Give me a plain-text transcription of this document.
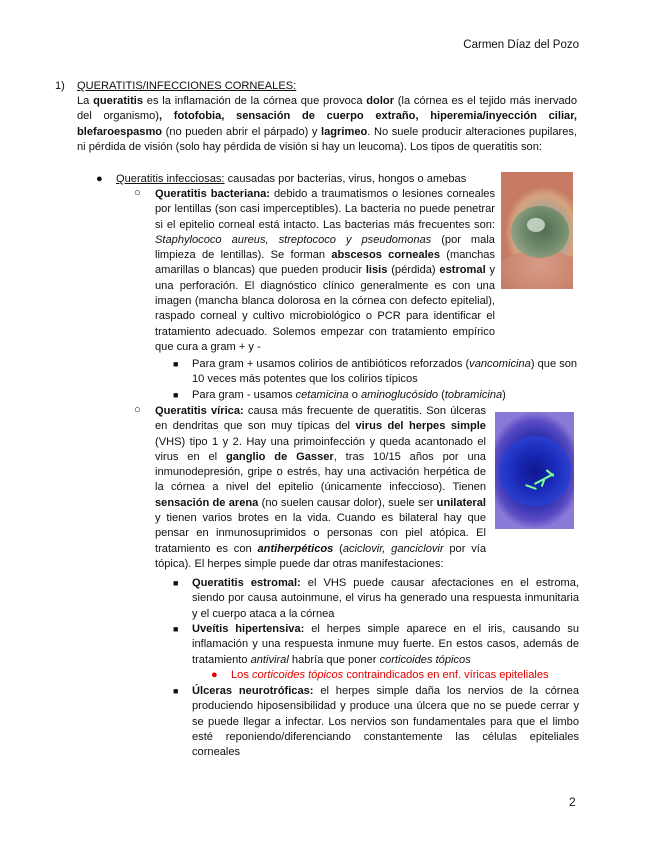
Carmen Díaz del Pozo
1) QUERATITIS/INFECCIONES CORNEALES:
La queratitis es la inflamación de la córnea que provoca dolor (la córnea es el tejido más inervado del organismo), fotofobia, sensación de cuerpo extraño, hiperemia/inyección ciliar, blefaroespasmo (no pueden abrir el párpado) y lagrimeo. No suele producir alteraciones pupilares, ni pérdida de visión (solo hay pérdida de visión si hay un leucoma). Los tipos de queratitis son:
● Queratitis infecciosas: causadas por bacterias, virus, hongos o amebas
○ Queratitis bacteriana: debido a traumatismos o lesiones corneales por lentillas (son casi imperceptibles). La bacteria no puede penetrar si el epitelio corneal está intacto. Las bacterias más frecuentes son: Staphylococo aureus, streptococo y pseudomonas (por mala limpieza de lentillas). Se forman abscesos corneales (manchas amarillas o blancas) que pueden producir lisis (pérdida) estromal y una perforación. El diagnóstico clínico generalmente es con una imagen (mancha blanca dolorosa en la córnea con defecto epitelial), raspado corneal y cultivo microbiológico o PCR para identificar el tratamiento adecuado. Solemos empezar con tratamiento empírico que cura a gram + y -
■ Para gram + usamos colirios de antibióticos reforzados (vancomicina) que son 10 veces más potentes que los colirios típicos
■ Para gram - usamos cetamicina o aminoglucósido (tobramicina)
○ Queratitis vírica: causa más frecuente de queratitis. Son úlceras en dendritas que son muy típicas del virus del herpes simple (VHS) tipo 1 y 2. Hay una primoinfección y queda acantonado el virus en el ganglio de Gasser, tras 10/15 años por una inmunodepresión, gripe o estrés, hay una activación herpética de la córnea a nivel del epitelio (únicamente infeccioso). Tienen sensación de arena (no suelen causar dolor), suele ser unilateral y tienen varios brotes en la vida. Cuando es bilateral hay que pensar en inmunosuprimidos o personas con piel atópica. El tratamiento es con antiherpéticos (aciclovir, ganciclovir por vía tópica). El herpes simple puede dar otras manifestaciones:
■ Queratitis estromal: el VHS puede causar afectaciones en el estroma, siendo por causa autoinmune, el virus ha generado una respuesta inmunitaria y el cuerpo ataca a la córnea
■ Uveítis hipertensiva: el herpes simple aparece en el iris, causando su inflamación y una respuesta inmune muy fuerte. En estos casos, además de tratamiento antiviral habría que poner corticoides tópicos
● Los corticoides tópicos contraindicados en enf. víricas epiteliales
■ Úlceras neurotróficas: el herpes simple daña los nervios de la córnea produciendo hiposensibilidad y produce una úlcera que no se puede cerrar y se puede llegar a infectar. Los nervios son fundamentales para que el limbo esté reponiendo/diferenciando constantemente las células epiteliales corneales
2
